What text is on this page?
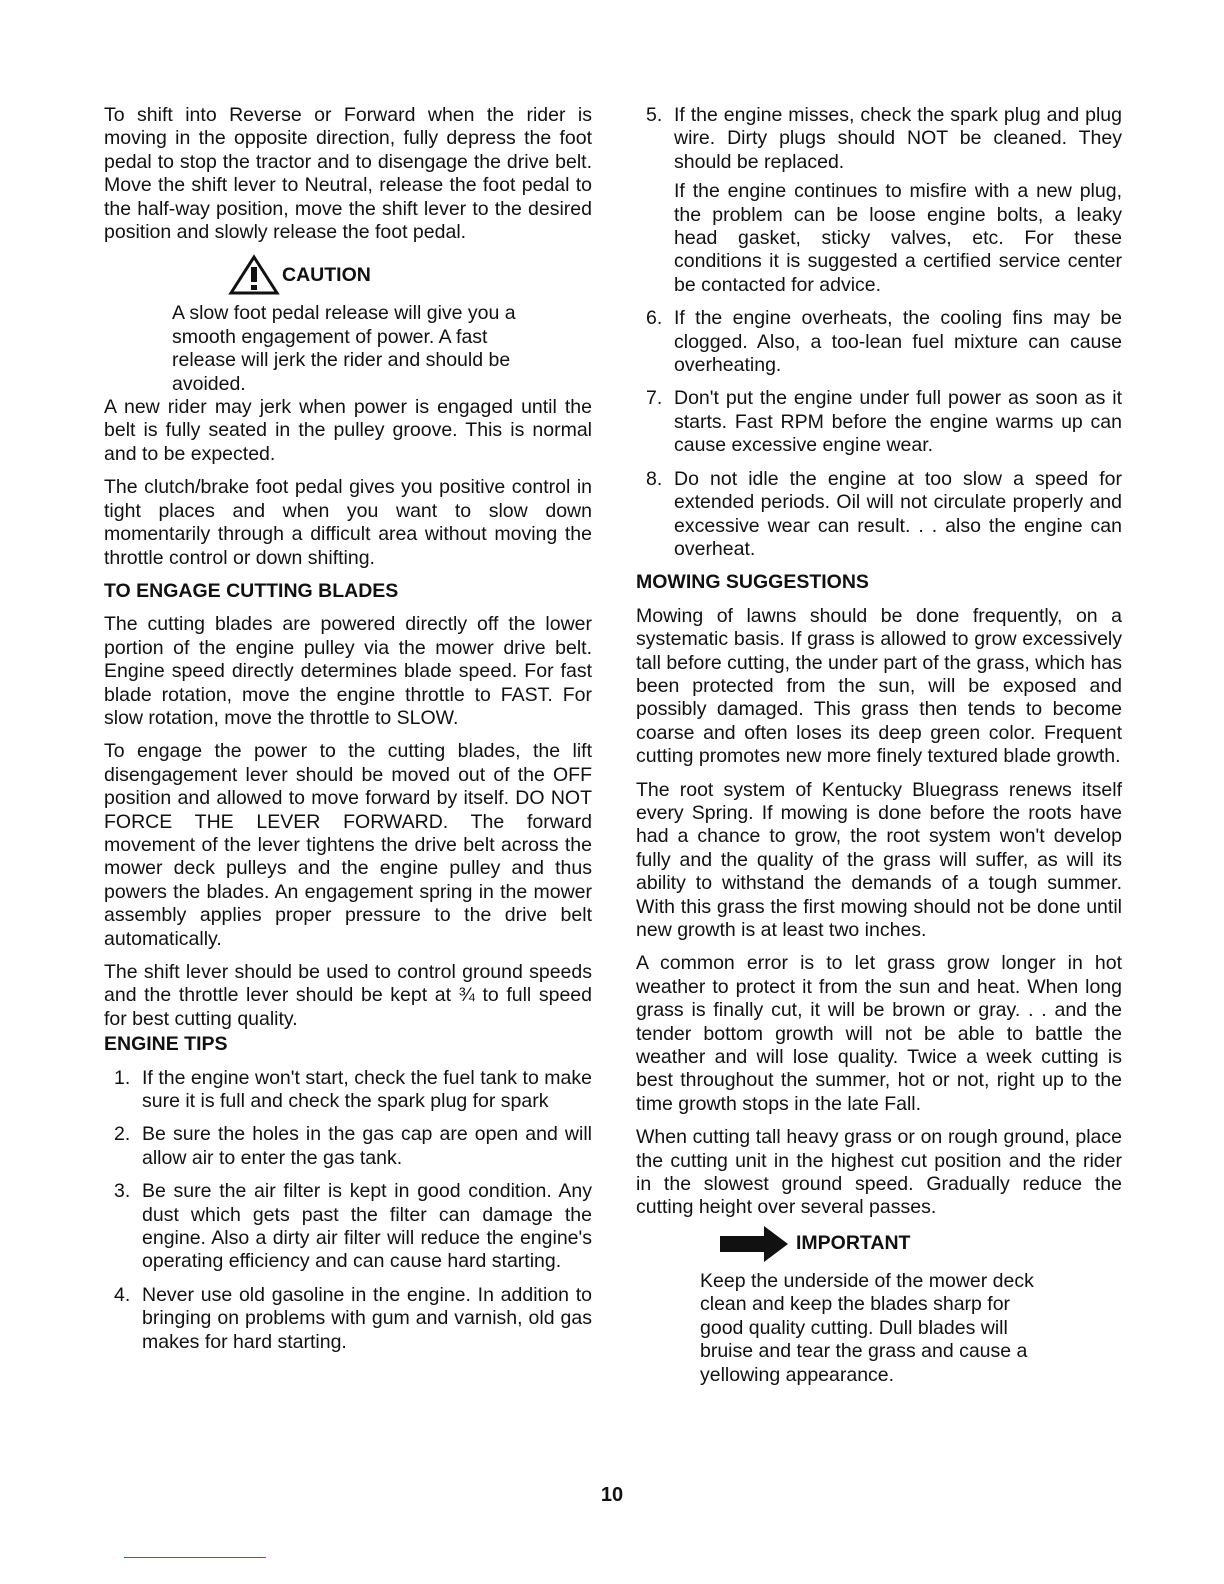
To shift into Reverse or Forward when the rider is moving in the opposite direction, fully depress the foot pedal to stop the tractor and to disengage the drive belt. Move the shift lever to Neutral, release the foot pedal to the half-way position, move the shift lever to the desired position and slowly release the foot pedal.

CAUTION

A slow foot pedal release will give you a smooth engagement of power. A fast release will jerk the rider and should be avoided.

A new rider may jerk when power is engaged until the belt is fully seated in the pulley groove. This is normal and to be expected.

The clutch/brake foot pedal gives you positive control in tight places and when you want to slow down momentarily through a difficult area without moving the throttle control or down shifting.

TO ENGAGE CUTTING BLADES

The cutting blades are powered directly off the lower portion of the engine pulley via the mower drive belt. Engine speed directly determines blade speed. For fast blade rotation, move the engine throttle to FAST. For slow rotation, move the throttle to SLOW.

To engage the power to the cutting blades, the lift disengagement lever should be moved out of the OFF position and allowed to move forward by itself. DO NOT FORCE THE LEVER FORWARD. The forward movement of the lever tightens the drive belt across the mower deck pulleys and the engine pulley and thus powers the blades. An engagement spring in the mower assembly applies proper pressure to the drive belt automatically.

The shift lever should be used to control ground speeds and the throttle lever should be kept at ¾ to full speed for best cutting quality.

ENGINE TIPS
1. If the engine won't start, check the fuel tank to make sure it is full and check the spark plug for spark

2. Be sure the holes in the gas cap are open and will allow air to enter the gas tank.

3. Be sure the air filter is kept in good condition. Any dust which gets past the filter can damage the engine. Also a dirty air filter will reduce the engine's operating efficiency and can cause hard starting.

4. Never use old gasoline in the engine. In addition to bringing on problems with gum and varnish, old gas makes for hard starting.

5. If the engine misses, check the spark plug and plug wire. Dirty plugs should NOT be cleaned. They should be replaced.

If the engine continues to misfire with a new plug, the problem can be loose engine bolts, a leaky head gasket, sticky valves, etc. For these conditions it is suggested a certified service center be contacted for advice.

6. If the engine overheats, the cooling fins may be clogged. Also, a too-lean fuel mixture can cause overheating.

7. Don't put the engine under full power as soon as it starts. Fast RPM before the engine warms up can cause excessive engine wear.

8. Do not idle the engine at too slow a speed for extended periods. Oil will not circulate properly and excessive wear can result. . . also the engine can overheat.

MOWING SUGGESTIONS

Mowing of lawns should be done frequently, on a systematic basis. If grass is allowed to grow excessively tall before cutting, the under part of the grass, which has been protected from the sun, will be exposed and possibly damaged. This grass then tends to become coarse and often loses its deep green color. Frequent cutting promotes new more finely textured blade growth.

The root system of Kentucky Bluegrass renews itself every Spring. If mowing is done before the roots have had a chance to grow, the root system won't develop fully and the quality of the grass will suffer, as will its ability to withstand the demands of a tough summer. With this grass the first mowing should not be done until new growth is at least two inches.

A common error is to let grass grow longer in hot weather to protect it from the sun and heat. When long grass is finally cut, it will be brown or gray. . . and the tender bottom growth will not be able to battle the weather and will lose quality. Twice a week cutting is best throughout the summer, hot or not, right up to the time growth stops in the late Fall.

When cutting tall heavy grass or on rough ground, place the cutting unit in the highest cut position and the rider in the slowest ground speed. Gradually reduce the cutting height over several passes.

IMPORTANT

Keep the underside of the mower deck clean and keep the blades sharp for good quality cutting. Dull blades will bruise and tear the grass and cause a yellowing appearance.

10
